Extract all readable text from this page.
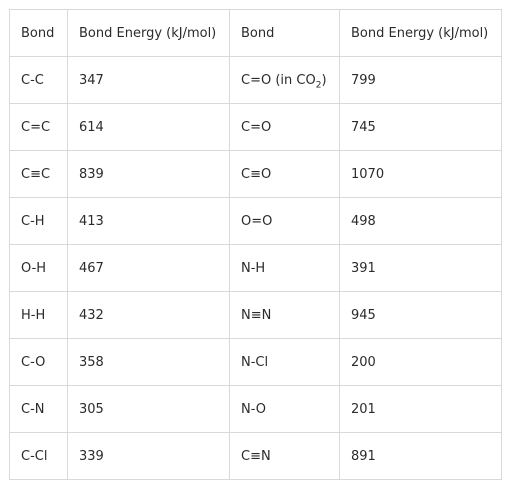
Bond	Bond Energy (kJ/mol)	Bond	Bond Energy (kJ/mol)
C-C	347	C=O (in $CO_2$)	799
C=C	614	C=O	745
C≡C	839	C≡O	1070
C-H	413	O=O	498
O-H	467	N-H	391
H-H	432	N≡N	945
C-O	358	N-Cl	200
C-N	305	N-O	201
C-Cl	339	C≡N	891
